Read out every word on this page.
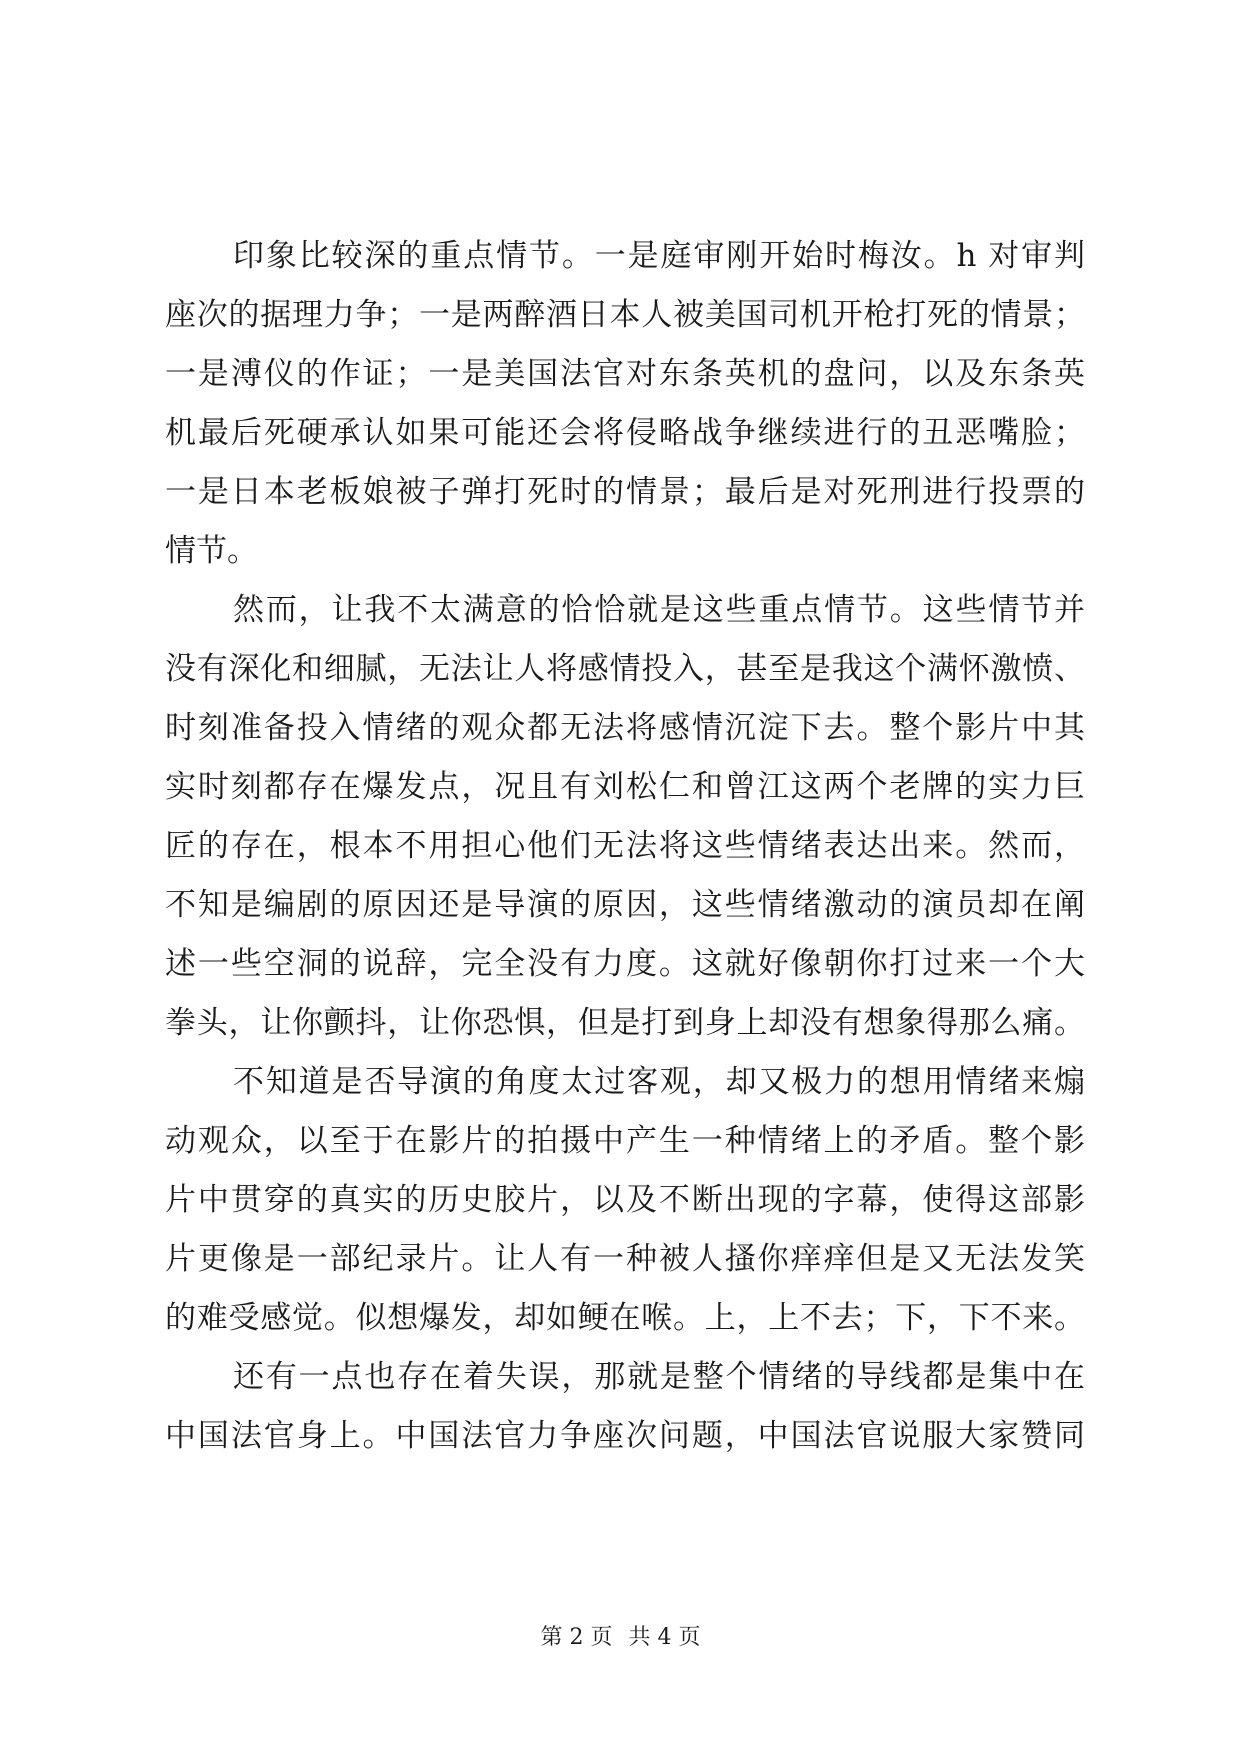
印象比较深的重点情节。一是庭审刚开始时梅汝。h 对审判
座次的据理力争；一是两醉酒日本人被美国司机开枪打死的情景；
一是溥仪的作证；一是美国法官对东条英机的盘问，以及东条英
机最后死硬承认如果可能还会将侵略战争继续进行的丑恶嘴脸；
一是日本老板娘被子弹打死时的情景；最后是对死刑进行投票的
情节。
然而，让我不太满意的恰恰就是这些重点情节。这些情节并
没有深化和细腻，无法让人将感情投入，甚至是我这个满怀激愤、
时刻准备投入情绪的观众都无法将感情沉淀下去。整个影片中其
实时刻都存在爆发点，况且有刘松仁和曾江这两个老牌的实力巨
匠的存在，根本不用担心他们无法将这些情绪表达出来。然而，
不知是编剧的原因还是导演的原因，这些情绪激动的演员却在阐
述一些空洞的说辞，完全没有力度。这就好像朝你打过来一个大
拳头，让你颤抖，让你恐惧，但是打到身上却没有想象得那么痛。
不知道是否导演的角度太过客观，却又极力的想用情绪来煽
动观众，以至于在影片的拍摄中产生一种情绪上的矛盾。整个影
片中贯穿的真实的历史胶片，以及不断出现的字幕，使得这部影
片更像是一部纪录片。让人有一种被人搔你痒痒但是又无法发笑
的难受感觉。似想爆发，却如鲠在喉。上，上不去；下，下不来。
还有一点也存在着失误，那就是整个情绪的导线都是集中在
中国法官身上。中国法官力争座次问题，中国法官说服大家赞同
第 2 页 共 4 页
